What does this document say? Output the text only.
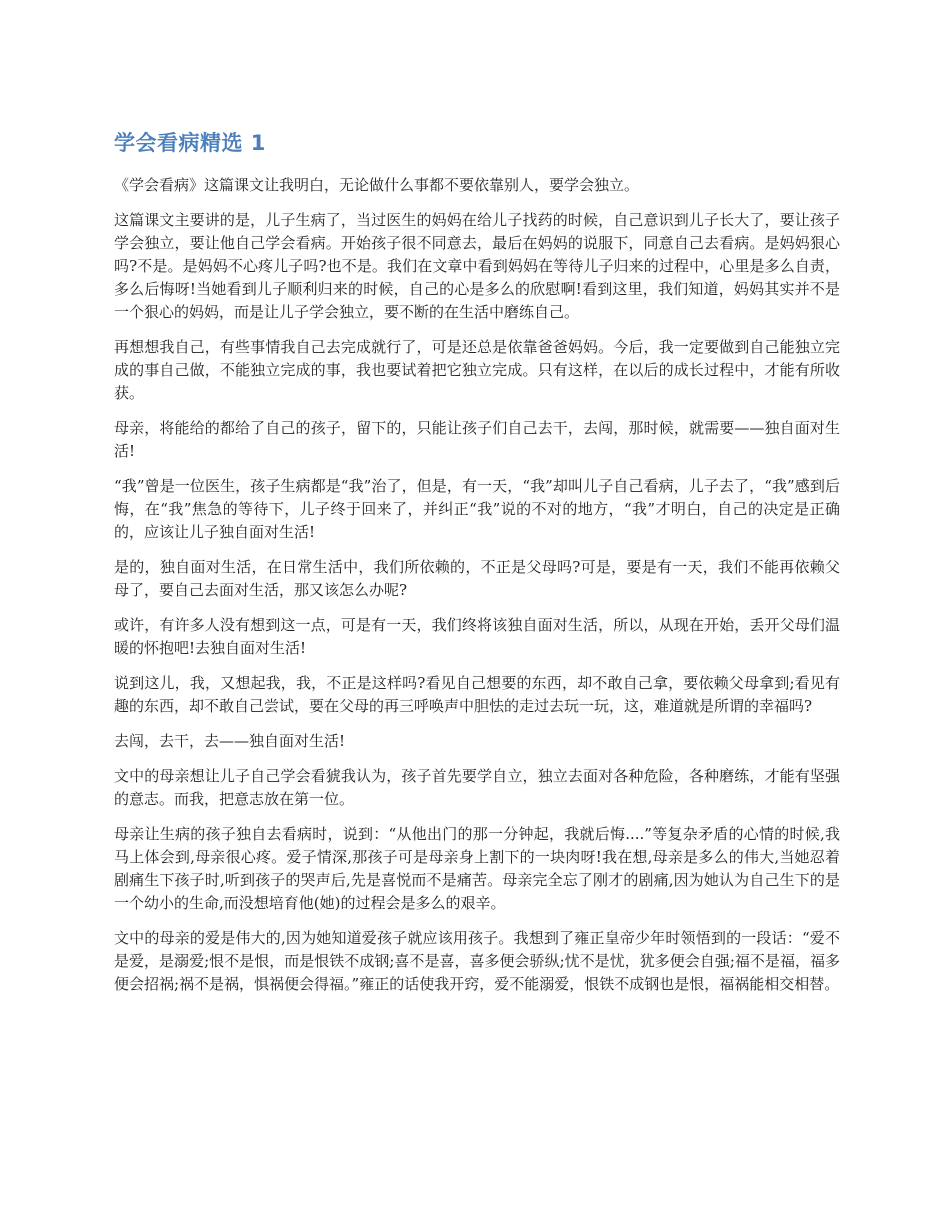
学会看病精选 1

《学会看病》这篇课文让我明白，无论做什么事都不要依靠别人，要学会独立。

这篇课文主要讲的是，儿子生病了，当过医生的妈妈在给儿子找药的时候，自己意识到儿子长大了，要让孩子学会独立，要让他自己学会看病。开始孩子很不同意去，最后在妈妈的说服下，同意自己去看病。是妈妈狠心吗?不是。是妈妈不心疼儿子吗?也不是。我们在文章中看到妈妈在等待儿子归来的过程中，心里是多么自责，多么后悔呀!当她看到儿子顺利归来的时候，自己的心是多么的欣慰啊!看到这里，我们知道，妈妈其实并不是一个狠心的妈妈，而是让儿子学会独立，要不断的在生活中磨练自己。

再想想我自己，有些事情我自己去完成就行了，可是还总是依靠爸爸妈妈。今后，我一定要做到自己能独立完成的事自己做，不能独立完成的事，我也要试着把它独立完成。只有这样，在以后的成长过程中，才能有所收获。

母亲，将能给的都给了自己的孩子，留下的，只能让孩子们自己去干，去闯，那时候，就需要——独自面对生活!

“我”曾是一位医生，孩子生病都是“我”治了，但是，有一天，“我”却叫儿子自己看病，儿子去了，“我”感到后悔，在“我”焦急的等待下，儿子终于回来了，并纠正“我”说的不对的地方，“我”才明白，自己的决定是正确的，应该让儿子独自面对生活!

是的，独自面对生活，在日常生活中，我们所依赖的，不正是父母吗?可是，要是有一天，我们不能再依赖父母了，要自己去面对生活，那又该怎么办呢?

或许，有许多人没有想到这一点，可是有一天，我们终将该独自面对生活，所以，从现在开始，丢开父母们温暖的怀抱吧!去独自面对生活!

说到这儿，我，又想起我，我，不正是这样吗?看见自己想要的东西，却不敢自己拿，要依赖父母拿到;看见有趣的东西，却不敢自己尝试，要在父母的再三呼唤声中胆怯的走过去玩一玩，这，难道就是所谓的幸福吗?

去闯，去干，去——独自面对生活!

文中的母亲想让儿子自己学会看猇我认为，孩子首先要学自立，独立去面对各种危险，各种磨练，才能有坚强的意志。而我，把意志放在第一位。

母亲让生病的孩子独自去看病时，说到：“从他出门的那一分钟起，我就后悔....”等复杂矛盾的心情的时候,我马上体会到,母亲很心疼。爱子情深,那孩子可是母亲身上割下的一块肉呀!我在想,母亲是多么的伟大,当她忍着剧痛生下孩子时,听到孩子的哭声后,先是喜悦而不是痛苦。母亲完全忘了刚才的剧痛,因为她认为自己生下的是一个幼小的生命,而没想培育他(她)的过程会是多么的艰辛。

文中的母亲的爱是伟大的,因为她知道爱孩子就应该用孩子。我想到了雍正皇帝少年时领悟到的一段话：“爱不是爱，是溺爱;恨不是恨，而是恨铁不成钢;喜不是喜，喜多便会骄纵;忧不是忧，犹多便会自强;福不是福，福多便会招祸;祸不是祸，惧祸便会得福。”雍正的话使我开窍，爱不能溺爱，恨铁不成钢也是恨，福祸能相交相替。
